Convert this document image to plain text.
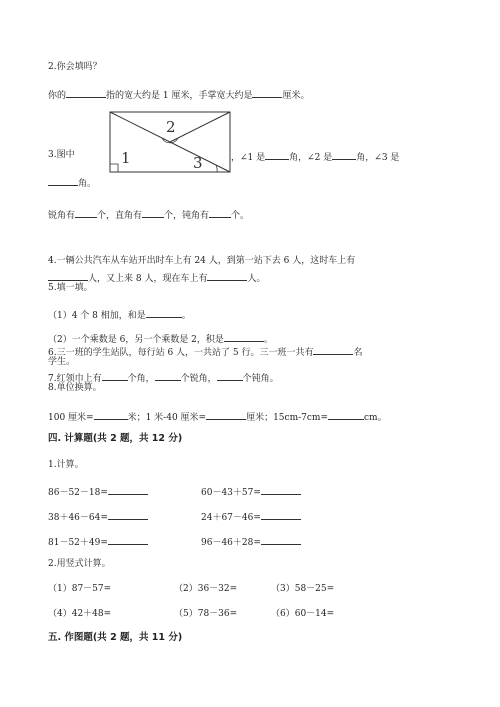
2.你会填吗？
你的	指的宽大约是 1 厘米，手掌宽大约是	厘米。
3.图中	1
2
3	，∠1 是	角，∠2 是	角，∠3 是
角。
锐角有 个，直角有 个，钝角有 个。
4.一辆公共汽车从车站开出时车上有 24 人，到第一站下去 6 人，这时车上有
人，又上来 8 人，现在车上有	人。
5.填一填。
（1）4 个 8 相加，和是	。
（2）一个乘数是 6，另一个乘数是 2，积是	。
6.三一班的学生站队，每行站 6 人，一共站了 5 行。三一班一共有	名
学生。
7.红领巾上有	个角，	个锐角，	个钝角。
8.单位换算。
100 厘米=	米；1 米-40 厘米=	厘米；15cm-7cm=	cm。
四. 计算题(共 2 题，共 12 分)
1.计算。
86－52－18=	60－43＋57=
38＋46－64=	24＋67－46=
81－52＋49=	96－46＋28=
2.用竖式计算。
（1）87－57=	（2）36－32=	（3）58－25=
（4）42＋48=	（5）78－36=	（6）60－14=
五. 作图题(共 2 题，共 11 分)
